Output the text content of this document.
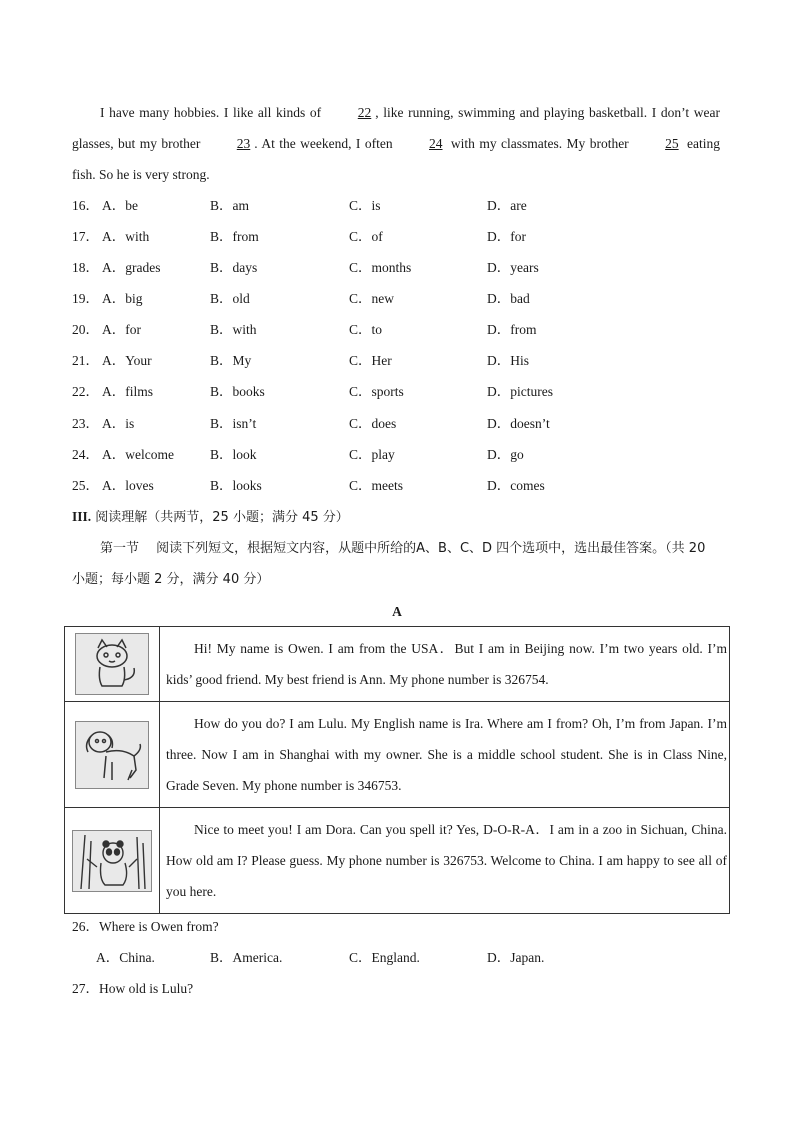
I have many hobbies. I like all kinds of	22 , like running, swimming and playing basketball. I don’t wear glasses, but my brother	23 . At the weekend, I often	24 with my classmates. My brother	25 eating fish. So he is very strong.
16． A．be	B．am	C．is	D．are
17． A．with	B．from	C．of	D．for
18． A．grades	B．days	C．months	D．years
19． A．big	B．old	C．new	D．bad
20． A．for	B．with	C．to	D．from
21． A．Your	B．My	C．Her	D．His
22． A．films	B．books	C．sports	D．pictures
23． A．is	B．isn’t	C．does	D．doesn’t
24． A．welcome	B．look	C．play	D．go
25． A．loves	B．looks	C．meets	D．comes
III. 阅读理解（共两节，25 小题；满分 45 分）
第一节　 阅读下列短文，根据短文内容，从题中所给的A、B、C、D 四个选项中，选出最佳答案。（共 20 小题；每小题 2 分，满分 40 分）
A
	Hi! My name is Owen. I am from the USA．But I am in Beijing now. I’m two years old. I’m kids’ good friend. My best friend is Ann. My phone number is 326754.

	How do you do? I am Lulu. My English name is Ira. Where am I from? Oh, I’m from Japan. I’m three. Now I am in Shanghai with my owner. She is a middle school student. She is in Class Nine, Grade Seven. My phone number is 346753.

	Nice to meet you! I am Dora. Can you spell it? Yes, D-O-R-A．I am in a zoo in Sichuan, China. How old am I? Please guess. My phone number is 326753. Welcome to China. I am happy to see all of you here.
26．Where is Owen from?
A．China.	B．America.	C．England.	D．Japan.
27．How old is Lulu?
